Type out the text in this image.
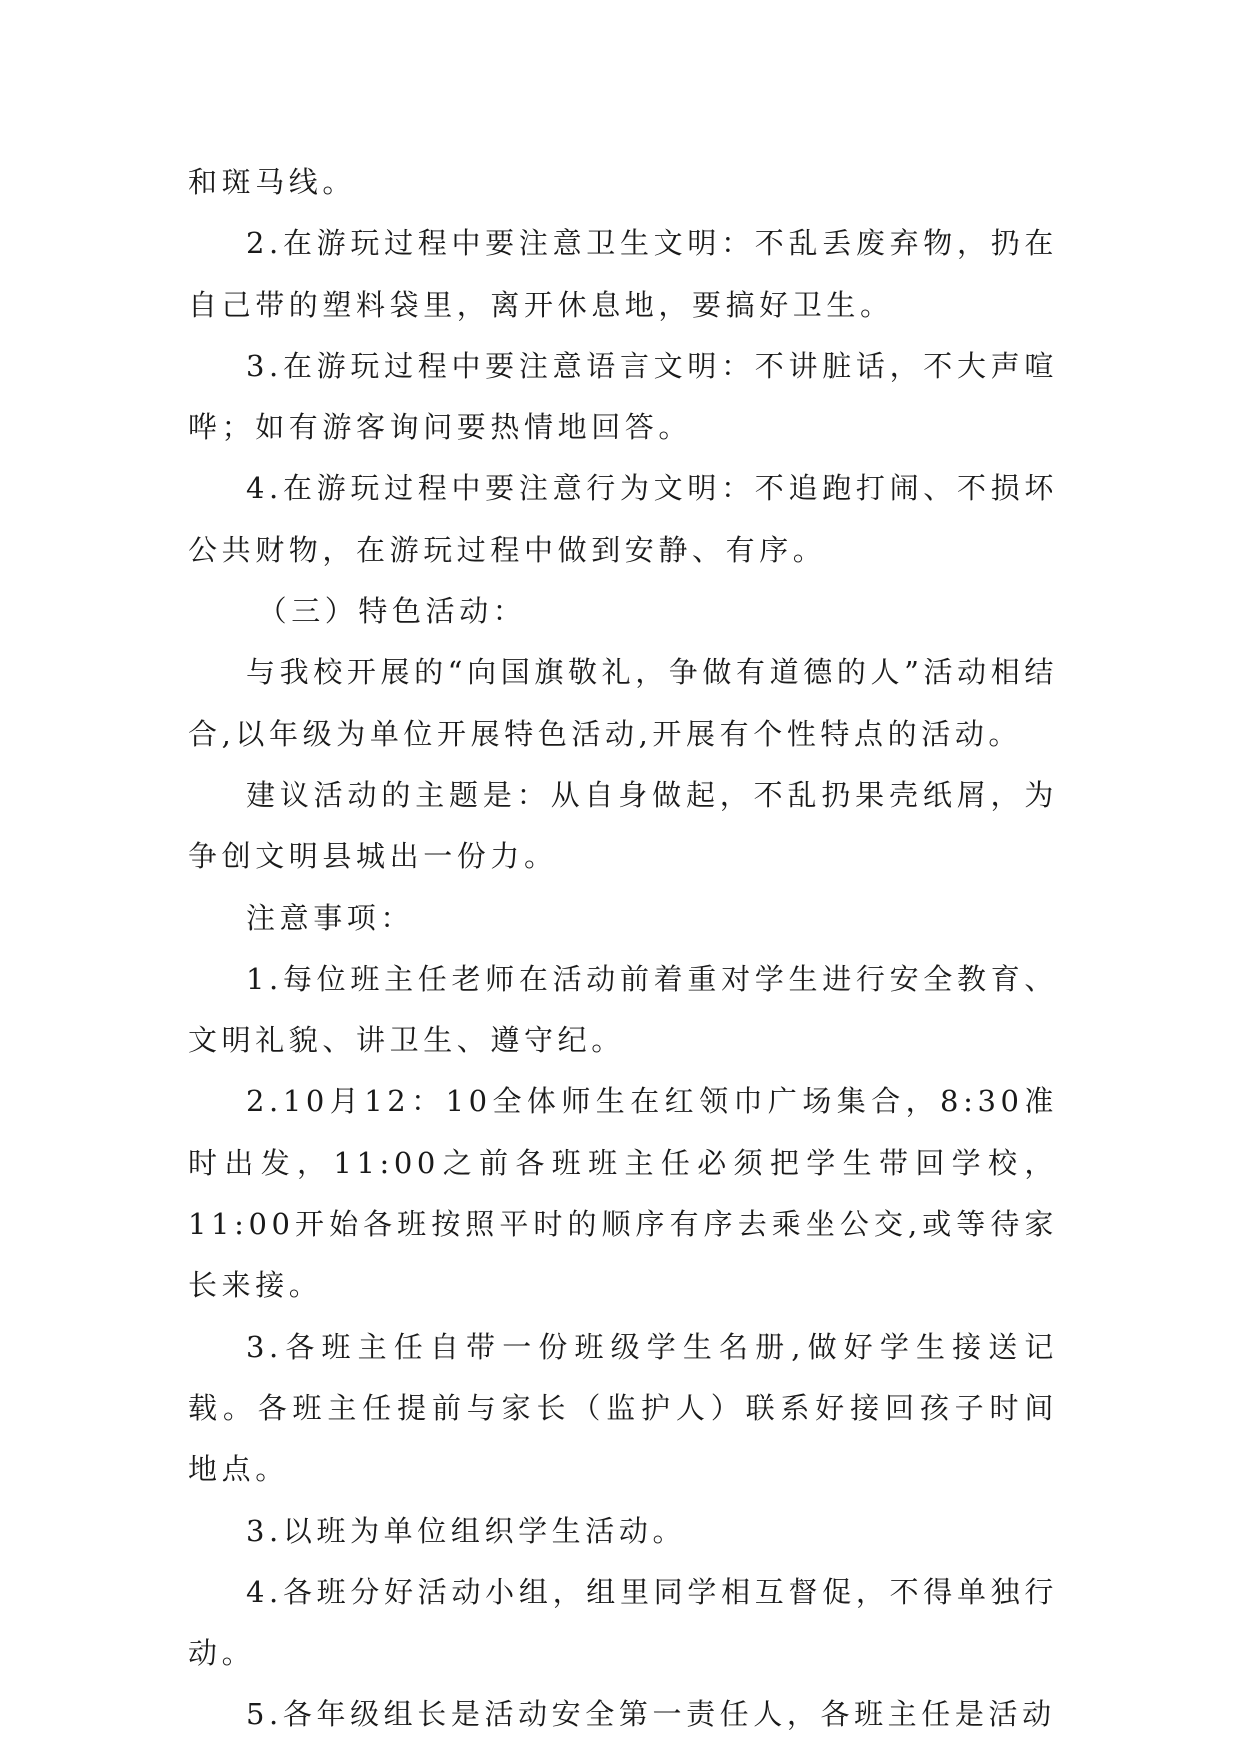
和斑马线。

2.在游玩过程中要注意卫生文明：不乱丢废弃物，扔在自己带的塑料袋里，离开休息地，要搞好卫生。

3.在游玩过程中要注意语言文明：不讲脏话，不大声喧哗；如有游客询问要热情地回答。

4.在游玩过程中要注意行为文明：不追跑打闹、不损坏公共财物，在游玩过程中做到安静、有序。

（三）特色活动：

与我校开展的“向国旗敬礼，争做有道德的人”活动相结合,以年级为单位开展特色活动,开展有个性特点的活动。

建议活动的主题是：从自身做起，不乱扔果壳纸屑，为争创文明县城出一份力。

注意事项：

1.每位班主任老师在活动前着重对学生进行安全教育、文明礼貌、讲卫生、遵守纪。

2.10月12：10全体师生在红领巾广场集合，8:30准时出发，11:00之前各班班主任必须把学生带回学校，11:00开始各班按照平时的顺序有序去乘坐公交,或等待家长来接。

3.各班主任自带一份班级学生名册,做好学生接送记载。各班主任提前与家长（监护人）联系好接回孩子时间地点。

3.以班为单位组织学生活动。

4.各班分好活动小组，组里同学相互督促，不得单独行动。

5.各年级组长是活动安全第一责任人，各班主任是活动
